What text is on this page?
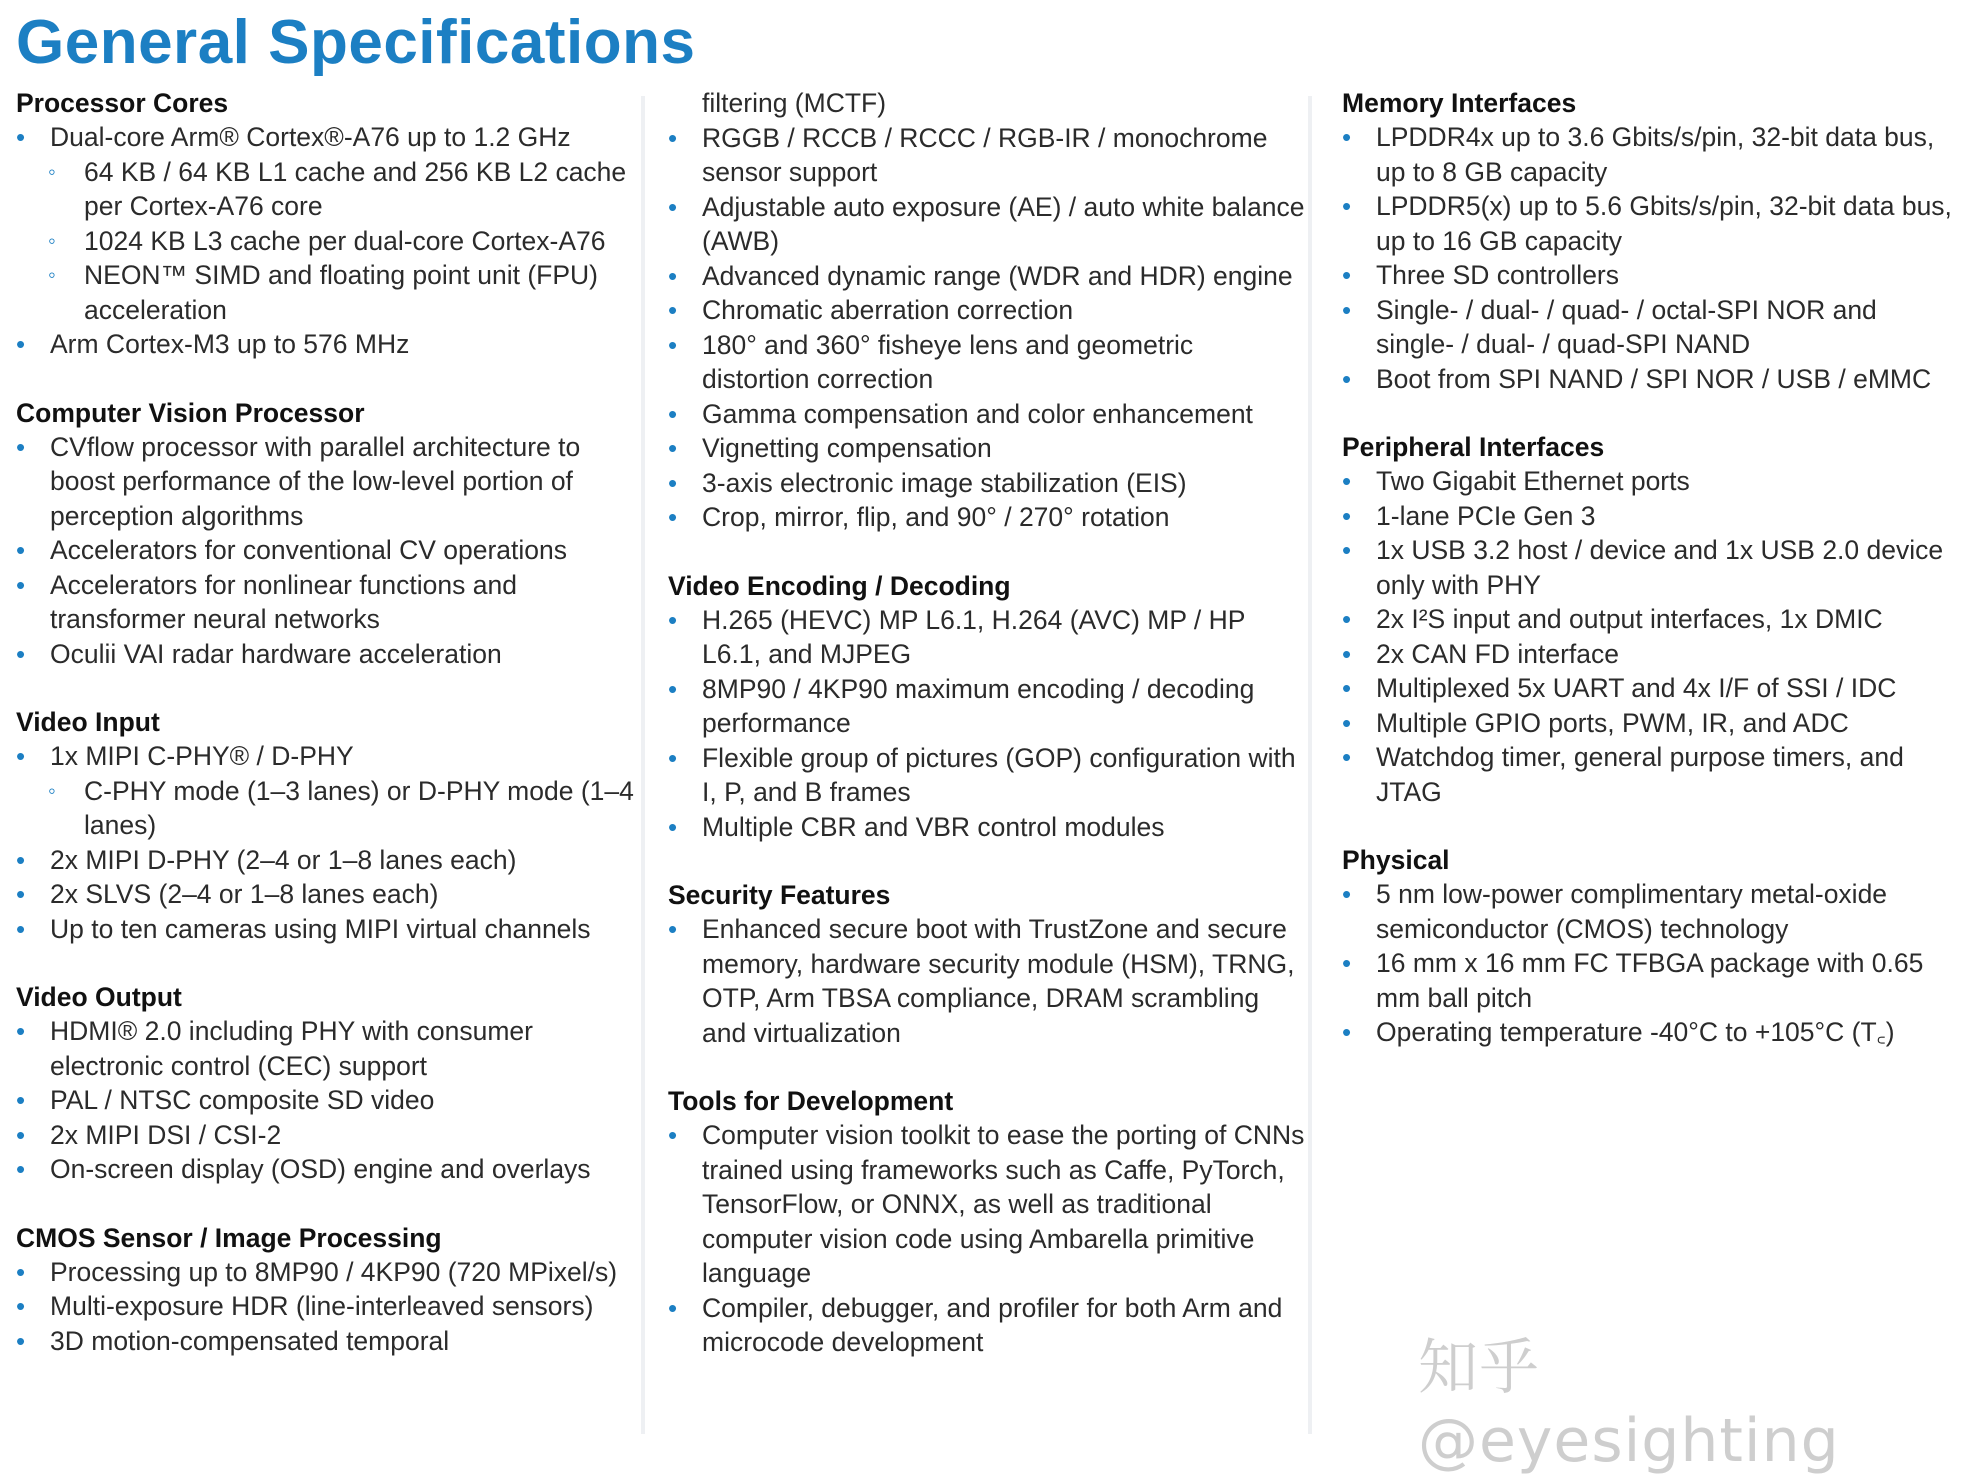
General Specifications
Processor Cores
• Dual-core Arm® Cortex®-A76 up to 1.2 GHz
◦ 64 KB / 64 KB L1 cache and 256 KB L2 cache per Cortex-A76 core
◦ 1024 KB L3 cache per dual-core Cortex-A76
◦ NEON™ SIMD and floating point unit (FPU) acceleration
• Arm Cortex-M3 up to 576 MHz
Computer Vision Processor
• CVflow processor with parallel architecture to boost performance of the low-level portion of perception algorithms
• Accelerators for conventional CV operations
• Accelerators for nonlinear functions and transformer neural networks
• Oculii VAI radar hardware acceleration
Video Input
• 1x MIPI C-PHY® / D-PHY
◦ C-PHY mode (1–3 lanes) or D-PHY mode (1–4 lanes)
• 2x MIPI D-PHY (2–4 or 1–8 lanes each)
• 2x SLVS (2–4 or 1–8 lanes each)
• Up to ten cameras using MIPI virtual channels
Video Output
• HDMI® 2.0 including PHY with consumer electronic control (CEC) support
• PAL / NTSC composite SD video
• 2x MIPI DSI / CSI-2
• On-screen display (OSD) engine and overlays
CMOS Sensor / Image Processing
• Processing up to 8MP90 / 4KP90 (720 MPixel/s)
• Multi-exposure HDR (line-interleaved sensors)
• 3D motion-compensated temporal
filtering (MCTF)
• RGGB / RCCB / RCCC / RGB-IR / monochrome sensor support
• Adjustable auto exposure (AE) / auto white balance (AWB)
• Advanced dynamic range (WDR and HDR) engine
• Chromatic aberration correction
• 180° and 360° fisheye lens and geometric distortion correction
• Gamma compensation and color enhancement
• Vignetting compensation
• 3-axis electronic image stabilization (EIS)
• Crop, mirror, flip, and 90° / 270° rotation
Video Encoding / Decoding
• H.265 (HEVC) MP L6.1, H.264 (AVC) MP / HP L6.1, and MJPEG
• 8MP90 / 4KP90 maximum encoding / decoding performance
• Flexible group of pictures (GOP) configuration with I, P, and B frames
• Multiple CBR and VBR control modules
Security Features
• Enhanced secure boot with TrustZone and secure memory, hardware security module (HSM), TRNG, OTP, Arm TBSA compliance, DRAM scrambling and virtualization
Tools for Development
• Computer vision toolkit to ease the porting of CNNs trained using frameworks such as Caffe, PyTorch, TensorFlow, or ONNX, as well as traditional computer vision code using Ambarella primitive language
• Compiler, debugger, and profiler for both Arm and microcode development
Memory Interfaces
• LPDDR4x up to 3.6 Gbits/s/pin, 32-bit data bus, up to 8 GB capacity
• LPDDR5(x) up to 5.6 Gbits/s/pin, 32-bit data bus, up to 16 GB capacity
• Three SD controllers
• Single- / dual- / quad- / octal-SPI NOR and single- / dual- / quad-SPI NAND
• Boot from SPI NAND / SPI NOR / USB / eMMC
Peripheral Interfaces
• Two Gigabit Ethernet ports
• 1-lane PCIe Gen 3
• 1x USB 3.2 host / device and 1x USB 2.0 device only with PHY
• 2x I²S input and output interfaces, 1x DMIC
• 2x CAN FD interface
• Multiplexed 5x UART and 4x I/F of SSI / IDC
• Multiple GPIO ports, PWM, IR, and ADC
• Watchdog timer, general purpose timers, and JTAG
Physical
• 5 nm low-power complimentary metal-oxide semiconductor (CMOS) technology
• 16 mm x 16 mm FC TFBGA package with 0.65 mm ball pitch
• Operating temperature -40°C to +105°C (T꜀)
知乎 @eyesighting
